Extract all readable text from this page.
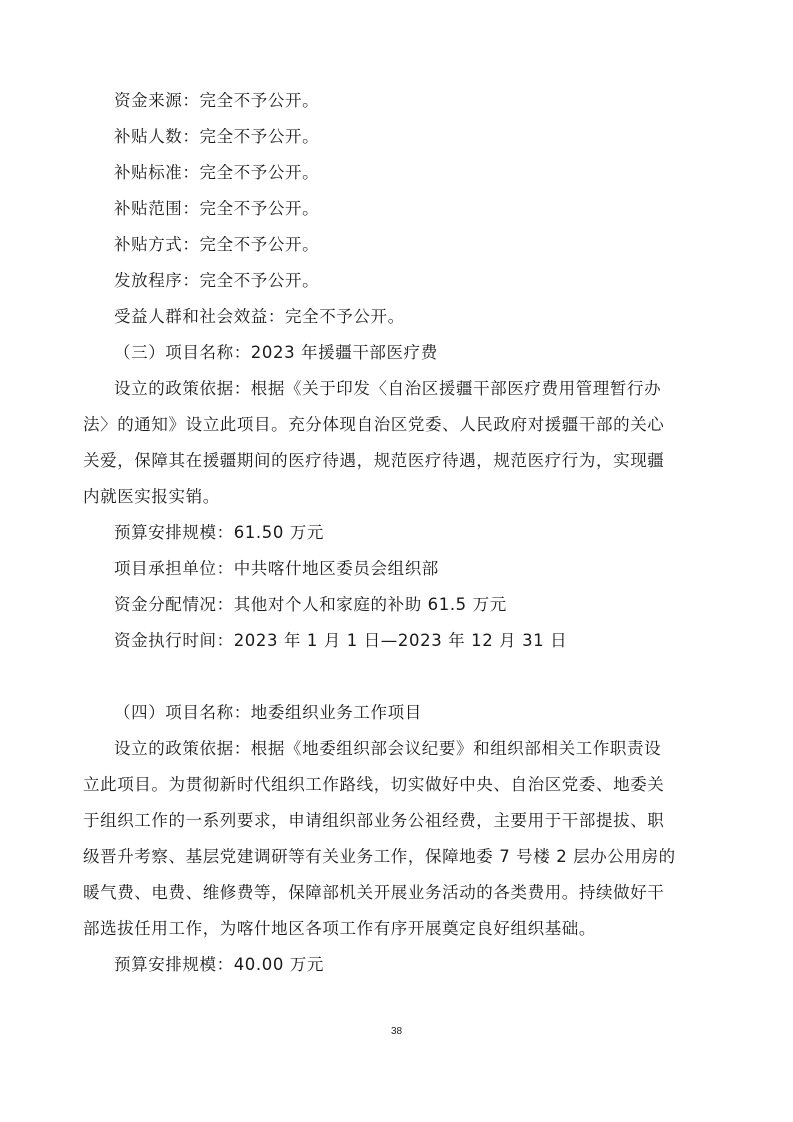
资金来源：完全不予公开。
补贴人数：完全不予公开。
补贴标准：完全不予公开。
补贴范围：完全不予公开。
补贴方式：完全不予公开。
发放程序：完全不予公开。
受益人群和社会效益：完全不予公开。
（三）项目名称：2023 年援疆干部医疗费
设立的政策依据：根据《关于印发〈自治区援疆干部医疗费用管理暂行办
法〉的通知》设立此项目。充分体现自治区党委、人民政府对援疆干部的关心
关爱，保障其在援疆期间的医疗待遇，规范医疗待遇，规范医疗行为，实现疆
内就医实报实销。
预算安排规模：61.50 万元
项目承担单位：中共喀什地区委员会组织部
资金分配情况：其他对个人和家庭的补助 61.5 万元
资金执行时间：2023 年 1 月 1 日—2023 年 12 月 31 日
（四）项目名称：地委组织业务工作项目
设立的政策依据：根据《地委组织部会议纪要》和组织部相关工作职责设
立此项目。为贯彻新时代组织工作路线，切实做好中央、自治区党委、地委关
于组织工作的一系列要求，申请组织部业务公祖经费，主要用于干部提拔、职
级晋升考察、基层党建调研等有关业务工作，保障地委 7 号楼 2 层办公用房的
暖气费、电费、维修费等，保障部机关开展业务活动的各类费用。持续做好干
部选拔任用工作，为喀什地区各项工作有序开展奠定良好组织基础。
预算安排规模：40.00 万元
38
